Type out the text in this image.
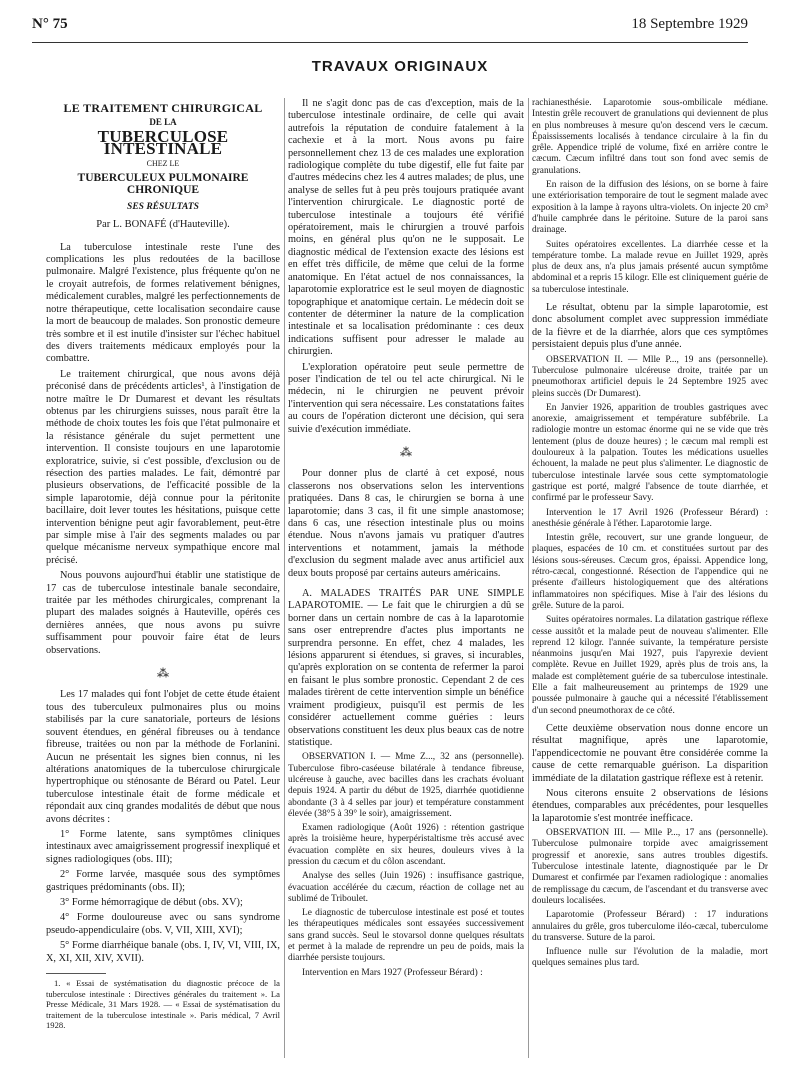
N° 75	18 Septembre 1929
TRAVAUX ORIGINAUX
LE TRAITEMENT CHIRURGICAL
DE LA
TUBERCULOSE INTESTINALE
CHEZ LE
TUBERCULEUX PULMONAIRE CHRONIQUE
SES RÉSULTATS
Par L. BONAFÉ (d'Hauteville).

La tuberculose intestinale reste l'une des complications les plus redoutées de la bacillose pulmonaire. Malgré l'existence, plus fréquente qu'on ne le croyait autrefois, de formes relativement bénignes, médicalement curables, malgré les perfectionnements de notre thérapeutique, cette localisation secondaire cause la mort de beaucoup de malades. Son pronostic demeure très sombre et il est inutile d'insister sur l'échec habituel des divers traitements médicaux employés pour la combattre.

Le traitement chirurgical, que nous avons déjà préconisé dans de précédents articles¹, à l'instigation de notre maître le Dr Dumarest et devant les résultats obtenus par les chirurgiens suisses, nous paraît être la méthode de choix toutes les fois que l'état pulmonaire et la résistance générale du sujet permettent une intervention. Il consiste toujours en une laparotomie exploratrice, suivie, si c'est possible, d'exclusion ou de résection des parties malades. Le fait, démontré par plusieurs observations, de l'efficacité possible de la simple laparotomie, déjà connue pour la péritonite bacillaire, doit lever toutes les hésitations, puisque cette intervention bénigne peut agir favorablement, peut-être par simple mise à l'air des segments malades ou par quelque mécanisme nerveux sympathique encore mal précisé.

Nous pouvons aujourd'hui établir une statistique de 17 cas de tuberculose intestinale banale secondaire, traitée par les méthodes chirurgicales, comprenant la plupart des malades soignés à Hauteville, opérés ces dernières années, que nous avons pu suivre suffisamment pour pouvoir faire état de leurs observations.

⁂

Les 17 malades qui font l'objet de cette étude étaient tous des tuberculeux pulmonaires plus ou moins stabilisés par la cure sanatoriale, porteurs de lésions souvent étendues, en général fibreuses ou à tendance fibreuse, traitées ou non par la méthode de Forlanini. Aucun ne présentait les signes bien connus, ni les altérations anatomiques de la tuberculose chirurgicale hypertrophique ou sténosante de Bérard ou Patel. Leur tuberculose intestinale était de forme médicale et répondait aux cinq grandes modalités de début que nous avons décrites :

1° Forme latente, sans symptômes cliniques intestinaux avec amaigrissement progressif inexpliqué et signes radiologiques (obs. III);

2° Forme larvée, masquée sous des symptômes gastriques prédominants (obs. II);

3° Forme hémorragique de début (obs. XV);

4° Forme douloureuse avec ou sans syndrome pseudo-appendiculaire (obs. V, VII, XIII, XVI);

5° Forme diarrhéique banale (obs. I, IV, VI, VIII, IX, X, XI, XII, XIV, XVII).

1. « Essai de systématisation du diagnostic précoce de la tuberculose intestinale : Directives générales du traitement ». La Presse Médicale, 31 Mars 1928. — « Essai de systématisation du traitement de la tuberculose intestinale ». Paris médical, 7 Avril 1928.

Il ne s'agit donc pas de cas d'exception, mais de la tuberculose intestinale ordinaire, de celle qui avait autrefois la réputation de conduire fatalement à la cachexie et à la mort. Nous avons pu faire personnellement chez 13 de ces malades une exploration radiologique complète du tube digestif, elle fut faite par d'autres médecins chez les 4 autres malades; de plus, une analyse de selles fut à peu près toujours pratiquée avant l'intervention chirurgicale. Le diagnostic porté de tuberculose intestinale a toujours été vérifié opératoirement, mais le chirurgien a trouvé parfois moins, en général plus qu'on ne le supposait. Le diagnostic médical de l'extension exacte des lésions est en effet très difficile, de même que celui de la forme anatomique. En l'état actuel de nos connaissances, la laparotomie exploratrice est le seul moyen de diagnostic topographique et anatomique certain. Le médecin doit se contenter de déterminer la nature de la complication intestinale et sa localisation prédominante : ces deux indications suffisent pour adresser le malade au chirurgien.

L'exploration opératoire peut seule permettre de poser l'indication de tel ou tel acte chirurgical. Ni le médecin, ni le chirurgien ne peuvent prévoir l'intervention qui sera nécessaire. Les constatations faites au cours de l'opération dicteront une décision, qui sera suivie d'exécution immédiate.

⁂

Pour donner plus de clarté à cet exposé, nous classerons nos observations selon les interventions pratiquées. Dans 8 cas, le chirurgien se borna à une laparotomie; dans 3 cas, il fit une simple anastomose; dans 6 cas, une résection intestinale plus ou moins étendue. Nous n'avons jamais vu pratiquer d'autres interventions et notamment, jamais la méthode d'exclusion du segment malade avec anus artificiel aux deux bouts proposé par certains auteurs américains.

A. MALADES TRAITÉS PAR UNE SIMPLE LAPAROTOMIE. — Le fait que le chirurgien a dû se borner dans un certain nombre de cas à la laparotomie sans oser entreprendre d'actes plus importants ne surprendra personne. En effet, chez 4 malades, les lésions apparurent si étendues, si graves, si incurables, qu'après exploration on se contenta de refermer la paroi en faisant le plus sombre pronostic. Cependant 2 de ces malades tirèrent de cette intervention simple un bénéfice vraiment prodigieux, puisqu'il est permis de les considérer actuellement comme guéries : leurs observations constituent les deux plus beaux cas de notre statistique.

OBSERVATION I. — Mme Z..., 32 ans (personnelle). Tuberculose fibro-caséeuse bilatérale à tendance fibreuse, ulcéreuse à gauche, avec bacilles dans les crachats évoluant depuis 1924. A partir du début de 1925, diarrhée quotidienne abondante (3 à 4 selles par jour) et température constamment élevée (38°5 à 39° le soir), amaigrissement.

Examen radiologique (Août 1926) : rétention gastrique après la troisième heure, hyperpéristaltisme très accusé avec évacuation complète en six heures, douleurs vives à la pression du cæcum et du côlon ascendant.

Analyse des selles (Juin 1926) : insuffisance gastrique, évacuation accélérée du cæcum, réaction de collage net au sublimé de Triboulet.

Le diagnostic de tuberculose intestinale est posé et toutes les thérapeutiques médicales sont essayées successivement sans grand succès. Seul le stovarsol donne quelques résultats et permet à la malade de reprendre un peu de poids, mais la diarrhée persiste toujours.

Intervention en Mars 1927 (Professeur Bérard) :

rachianesthésie. Laparotomie sous-ombilicale médiane. Intestin grêle recouvert de granulations qui deviennent de plus en plus nombreuses à mesure qu'on descend vers le cæcum. Épaississements localisés à tendance circulaire à la fin du grêle. Appendice triplé de volume, fixé en arrière contre le cæcum. Cæcum infiltré dans tout son fond avec semis de granulations.

En raison de la diffusion des lésions, on se borne à faire une extériorisation temporaire de tout le segment malade avec exposition à la lampe à rayons ultra-violets. On injecte 20 cm³ d'huile camphrée dans le péritoine. Suture de la paroi sans drainage.

Suites opératoires excellentes. La diarrhée cesse et la température tombe. La malade revue en Juillet 1929, après plus de deux ans, n'a plus jamais présenté aucun symptôme abdominal et a repris 15 kilogr. Elle est cliniquement guérie de sa tuberculose intestinale.

Le résultat, obtenu par la simple laparotomie, est donc absolument complet avec suppression immédiate de la fièvre et de la diarrhée, alors que ces symptômes persistaient depuis plus d'une année.

OBSERVATION II. — Mlle P..., 19 ans (personnelle). Tuberculose pulmonaire ulcéreuse droite, traitée par un pneumothorax artificiel depuis le 24 Septembre 1925 avec pleins succès (Dr Dumarest).

En Janvier 1926, apparition de troubles gastriques avec anorexie, amaigrissement et température subfébrile. La radiologie montre un estomac énorme qui ne se vide que très lentement (plus de douze heures) ; le cæcum mal rempli est douloureux à la palpation. Toutes les médications usuelles échouent, la malade ne peut plus s'alimenter. Le diagnostic de tuberculose intestinale larvée sous cette symptomatologie gastrique est porté, malgré l'absence de toute diarrhée, et confirmé par le professeur Savy.

Intervention le 17 Avril 1926 (Professeur Bérard) : anesthésie générale à l'éther. Laparotomie large.

Intestin grêle, recouvert, sur une grande longueur, de plaques, espacées de 10 cm. et constituées surtout par des lésions sous-séreuses. Cæcum gros, épaissi. Appendice long, rétro-cæcal, congestionné. Résection de l'appendice qui ne présente d'ailleurs histologiquement que des altérations inflammatoires non spécifiques. Mise à l'air des lésions du grêle. Suture de la paroi.

Suites opératoires normales. La dilatation gastrique réflexe cesse aussitôt et la malade peut de nouveau s'alimenter. Elle reprend 12 kilogr. l'année suivante, la température persiste néanmoins jusqu'en Mai 1927, puis l'apyrexie devient complète. Revue en Juillet 1929, après plus de trois ans, la malade est complètement guérie de sa tuberculose intestinale. Elle a fait malheureusement au printemps de 1929 une poussée pulmonaire à gauche qui a nécessité l'établissement d'un second pneumothorax de ce côté.

Cette deuxième observation nous donne encore un résultat magnifique, après une laparotomie, l'appendicectomie ne pouvant être considérée comme la cause de cette remarquable guérison. La disparition immédiate de la dilatation gastrique réflexe est à retenir.

Nous citerons ensuite 2 observations de lésions étendues, comparables aux précédentes, pour lesquelles la laparotomie s'est montrée inefficace.

OBSERVATION III. — Mlle P..., 17 ans (personnelle). Tuberculose pulmonaire torpide avec amaigrissement progressif et anorexie, sans autres troubles digestifs. Tuberculose intestinale latente, diagnostiquée par le Dr Dumarest et confirmée par l'examen radiologique : anomalies de remplissage du cæcum, de l'ascendant et du transverse avec douleurs localisées.

Laparotomie (Professeur Bérard) : 17 indurations annulaires du grêle, gros tuberculome iléo-cæcal, tuberculome du transverse. Suture de la paroi.

Influence nulle sur l'évolution de la maladie, mort quelques semaines plus tard.
